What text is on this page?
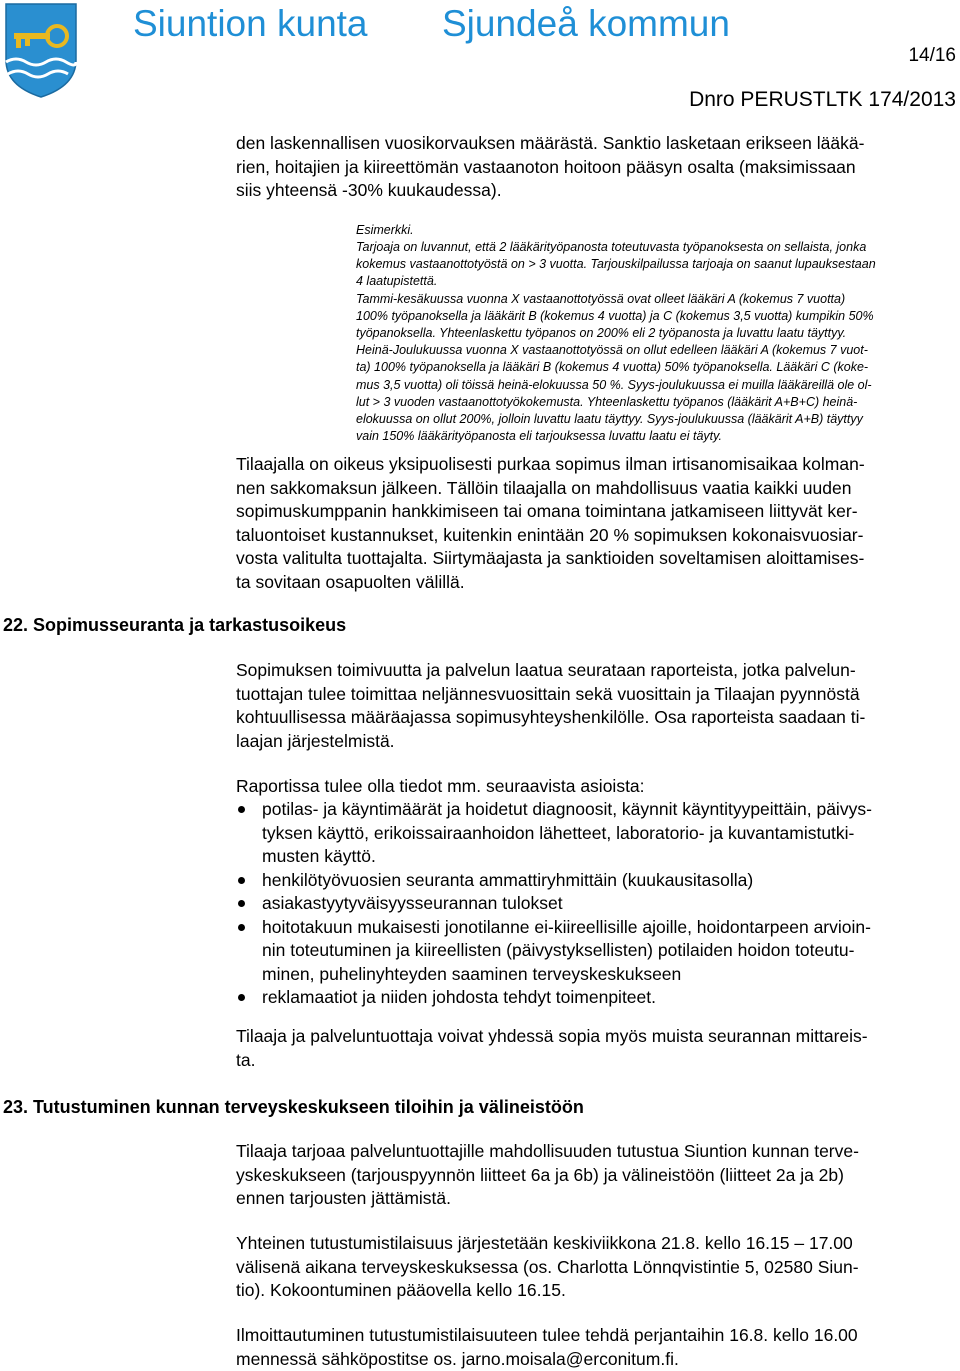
Siuntion kunta Sjundeå kommun
14/16
Dnro PERUSTLTK 174/2013

den laskennallisen vuosikorvauksen määrästä. Sanktio lasketaan erikseen lääkä-
rien, hoitajien ja kiireettömän vastaanoton hoitoon pääsyn osalta (maksimissaan
siis yhteensä -30% kuukaudessa).

Esimerkki.

Tarjoaja on luvannut, että 2 lääkärityöpanosta toteutuvasta työpanoksesta on sellaista, jonka
kokemus vastaanottotyöstä on > 3 vuotta. Tarjouskilpailussa tarjoaja on saanut lupauksestaan
4 laatupistettä.
Tammi-kesäkuussa vuonna X vastaanottotyössä ovat olleet lääkäri A (kokemus 7 vuotta)
100% työpanoksella ja lääkärit B (kokemus 4 vuotta) ja C (kokemus 3,5 vuotta) kumpikin 50%
työpanoksella. Yhteenlaskettu työpanos on 200% eli 2 työpanosta ja luvattu laatu täyttyy.
Heinä-Joulukuussa vuonna X vastaanottotyössä on ollut edelleen lääkäri A (kokemus 7 vuot-
ta) 100% työpanoksella ja lääkäri B (kokemus 4 vuotta) 50% työpanoksella. Lääkäri C (koke-
mus 3,5 vuotta) oli töissä heinä-elokuussa 50 %. Syys-joulukuussa ei muilla lääkäreillä ole ol-
lut > 3 vuoden vastaanottotyökokemusta. Yhteenlaskettu työpanos (lääkärit A+B+C) heinä-
elokuussa on ollut 200%, jolloin luvattu laatu täyttyy. Syys-joulukuussa (lääkärit A+B) täyttyy
vain 150% lääkärityöpanosta eli tarjouksessa luvattu laatu ei täyty.

Tilaajalla on oikeus yksipuolisesti purkaa sopimus ilman irtisanomisaikaa kolman-
nen sakkomaksun jälkeen. Tällöin tilaajalla on mahdollisuus vaatia kaikki uuden
sopimuskumppanin hankkimiseen tai omana toimintana jatkamiseen liittyvät ker-
taluontoiset kustannukset, kuitenkin enintään 20 % sopimuksen kokonaisvuosiar-
vosta valitulta tuottajalta. Siirtymäajasta ja sanktioiden soveltamisen aloittamises-
ta sovitaan osapuolten välillä.

22. Sopimusseuranta ja tarkastusoikeus

Sopimuksen toimivuutta ja palvelun laatua seurataan raporteista, jotka palvelun-
tuottajan tulee toimittaa neljännesvuosittain sekä vuosittain ja Tilaajan pyynnöstä
kohtuullisessa määräajassa sopimusyhteyshenkilölle. Osa raporteista saadaan ti-
laajan järjestelmistä.

Raportissa tulee olla tiedot mm. seuraavista asioista:

potilas- ja käyntimäärät ja hoidetut diagnoosit, käynnit käyntityypeittäin, päivys-
tyksen käyttö, erikoissairaanhoidon lähetteet, laboratorio- ja kuvantamistutki-
musten käyttö.
henkilötyövuosien seuranta ammattiryhmittäin (kuukausitasolla)
asiakastyytyväisyysseurannan tulokset
hoitotakuun mukaisesti jonotilanne ei-kiireellisille ajoille, hoidontarpeen arvioin-
nin toteutuminen ja kiireellisten (päivystyksellisten) potilaiden hoidon toteutu-
minen, puhelinyhteyden saaminen terveyskeskukseen
reklamaatiot ja niiden johdosta tehdyt toimenpiteet.

Tilaaja ja palveluntuottaja voivat yhdessä sopia myös muista seurannan mittareis-
ta.

23. Tutustuminen kunnan terveyskeskukseen tiloihin ja välineistöön

Tilaaja tarjoaa palveluntuottajille mahdollisuuden tutustua Siuntion kunnan terve-
yskeskukseen (tarjouspyynnön liitteet 6a ja 6b) ja välineistöön (liitteet 2a ja 2b)
ennen tarjousten jättämistä.

Yhteinen tutustumistilaisuus järjestetään keskiviikkona 21.8. kello 16.15 – 17.00
välisenä aikana terveyskeskuksessa (os. Charlotta Lönnqvistintie 5, 02580 Siun-
tio). Kokoontuminen pääovella kello 16.15.

Ilmoittautuminen tutustumistilaisuuteen tulee tehdä perjantaihin 16.8. kello 16.00
mennessä sähköpostitse os. jarno.moisala@erconitum.fi.
